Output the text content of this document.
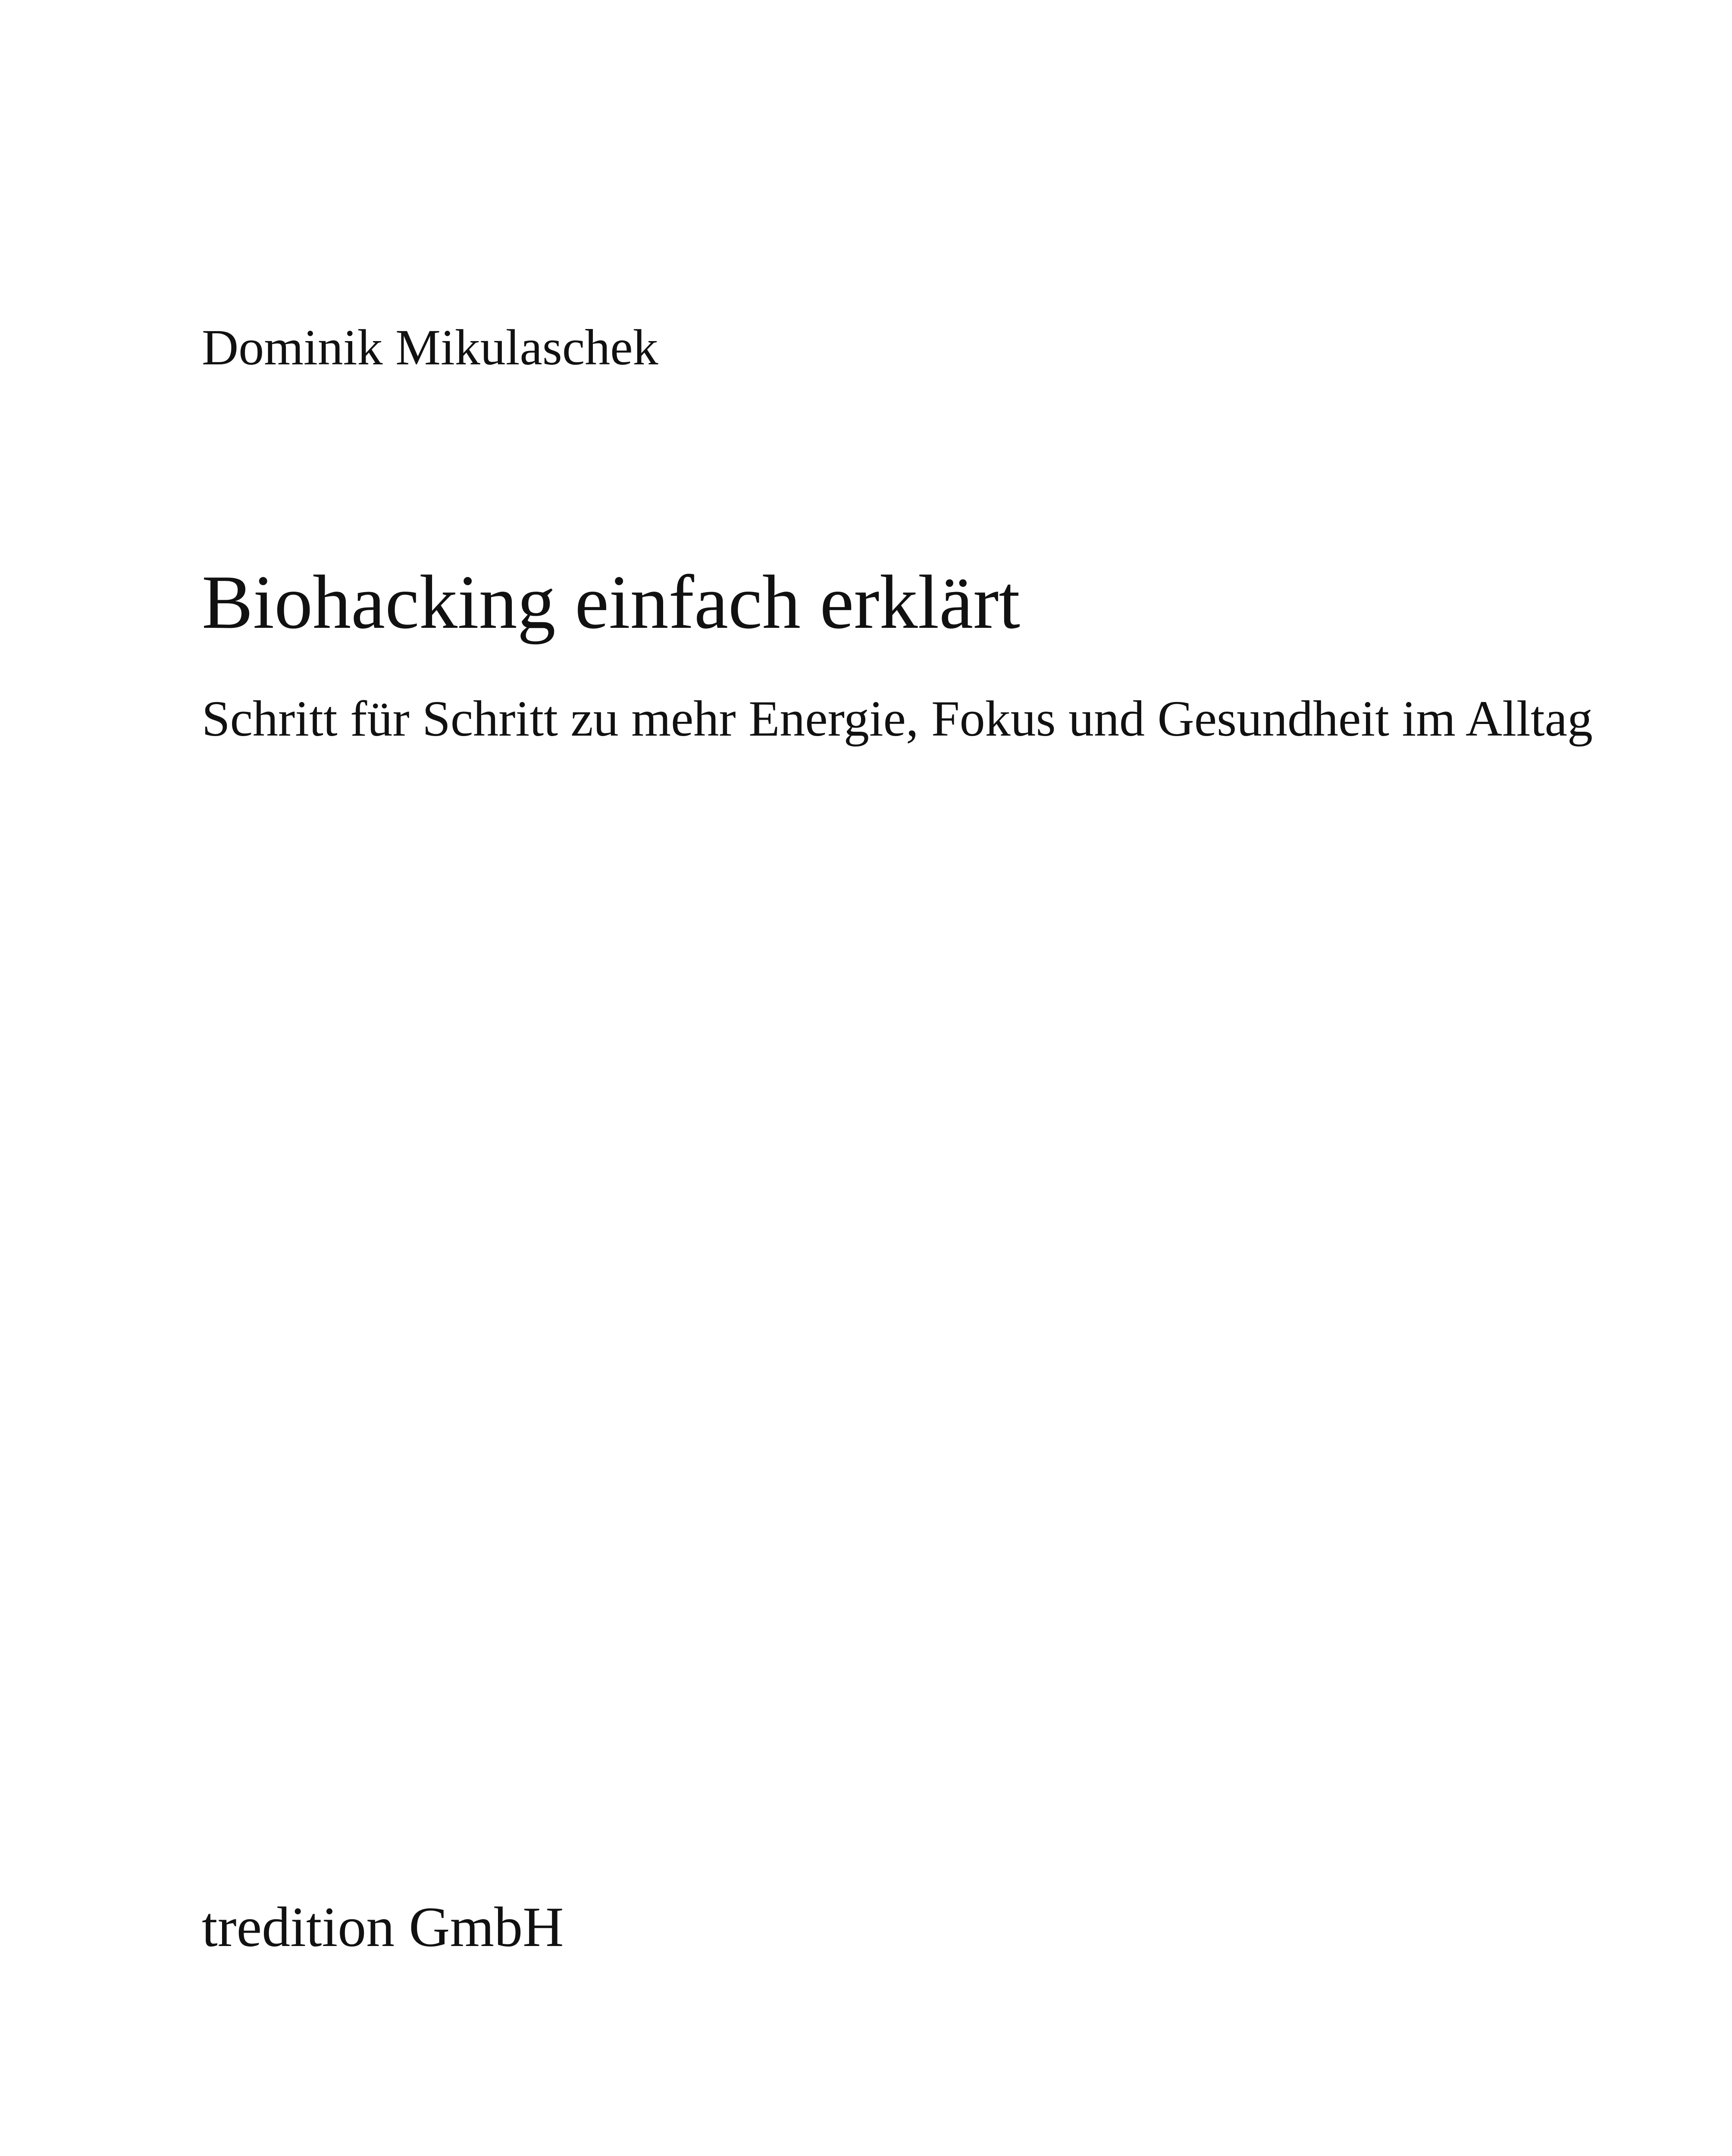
Dominik Mikulaschek
Biohacking einfach erklärt
Schritt für Schritt zu mehr Energie, Fokus und Gesundheit im Alltag
tredition GmbH
